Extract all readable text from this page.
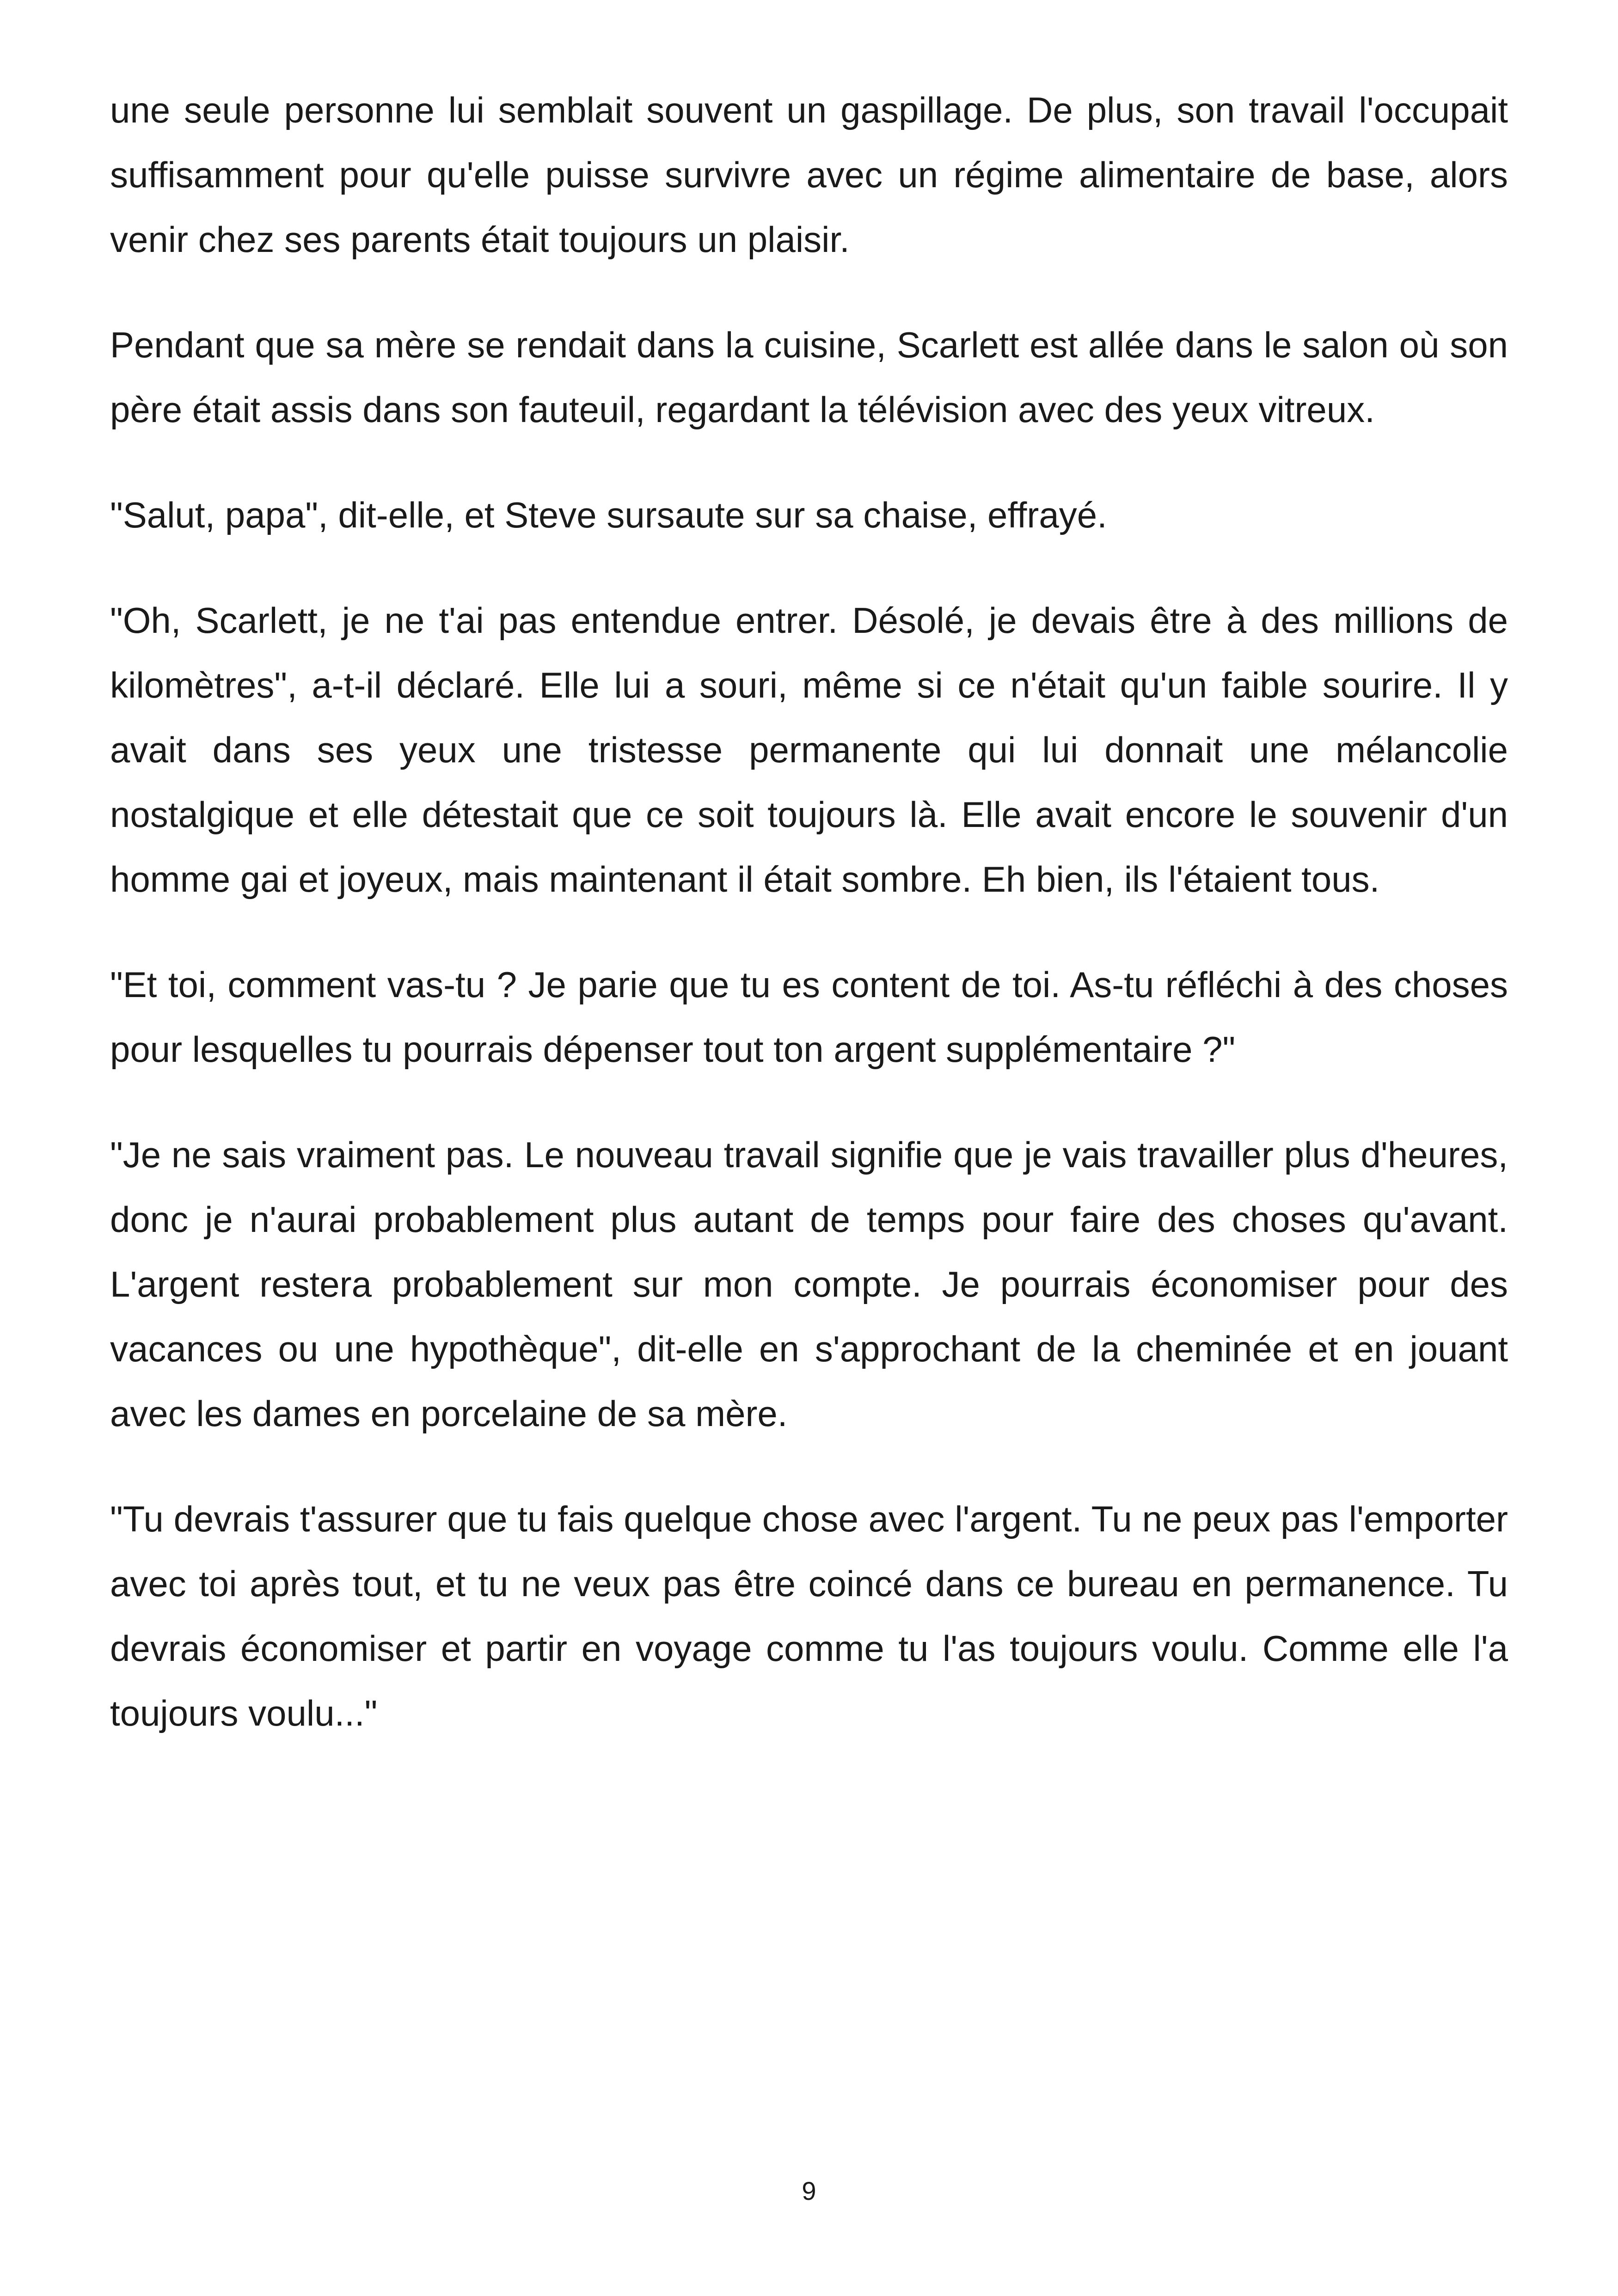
une seule personne lui semblait souvent un gaspillage. De plus, son travail l'occupait suffisamment pour qu'elle puisse survivre avec un régime alimentaire de base, alors venir chez ses parents était toujours un plaisir.

Pendant que sa mère se rendait dans la cuisine, Scarlett est allée dans le salon où son père était assis dans son fauteuil, regardant la télévision avec des yeux vitreux.

"Salut, papa", dit-elle, et Steve sursaute sur sa chaise, effrayé.

"Oh, Scarlett, je ne t'ai pas entendue entrer. Désolé, je devais être à des millions de kilomètres", a-t-il déclaré. Elle lui a souri, même si ce n'était qu'un faible sourire. Il y avait dans ses yeux une tristesse permanente qui lui donnait une mélancolie nostalgique et elle détestait que ce soit toujours là. Elle avait encore le souvenir d'un homme gai et joyeux, mais maintenant il était sombre. Eh bien, ils l'étaient tous.

"Et toi, comment vas-tu ? Je parie que tu es content de toi. As-tu réfléchi à des choses pour lesquelles tu pourrais dépenser tout ton argent supplémentaire ?"

"Je ne sais vraiment pas. Le nouveau travail signifie que je vais travailler plus d'heures, donc je n'aurai probablement plus autant de temps pour faire des choses qu'avant. L'argent restera probablement sur mon compte. Je pourrais économiser pour des vacances ou une hypothèque", dit-elle en s'approchant de la cheminée et en jouant avec les dames en porcelaine de sa mère.

"Tu devrais t'assurer que tu fais quelque chose avec l'argent. Tu ne peux pas l'emporter avec toi après tout, et tu ne veux pas être coincé dans ce bureau en permanence. Tu devrais économiser et partir en voyage comme tu l'as toujours voulu. Comme elle l'a toujours voulu..."

9
